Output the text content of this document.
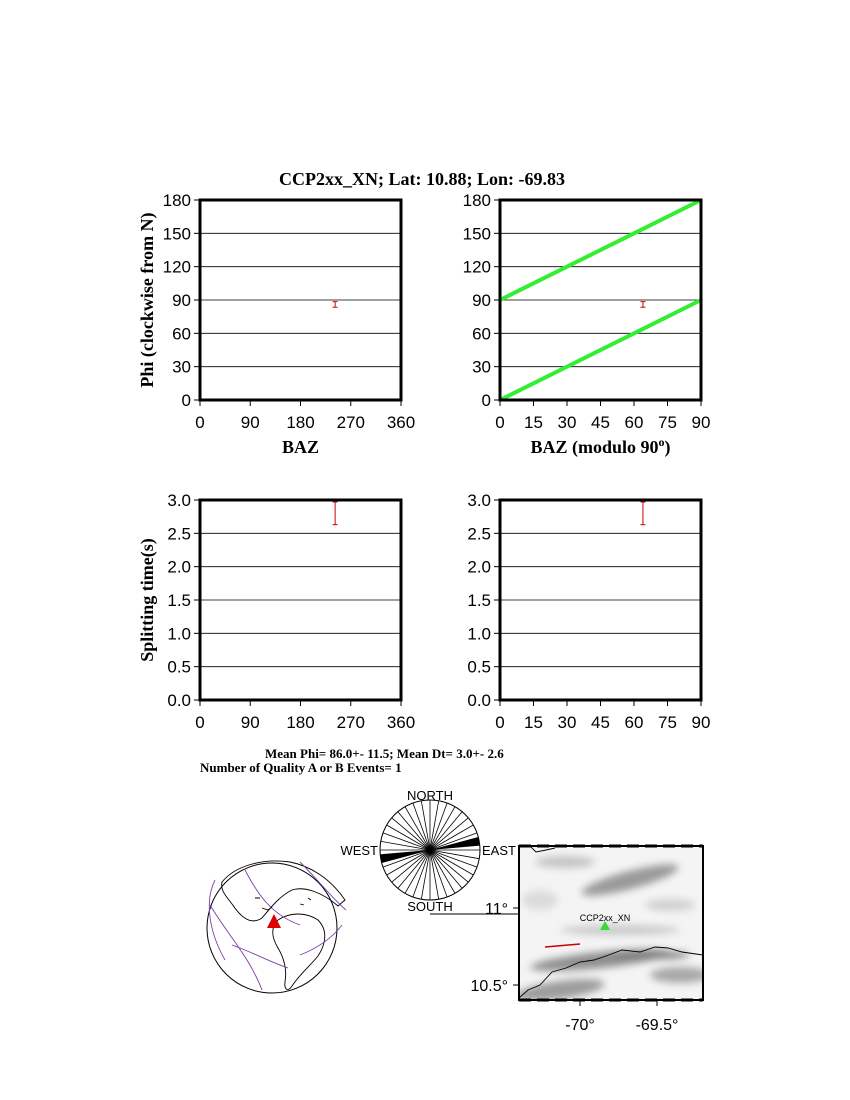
CCP2xx_XN; Lat: 10.88; Lon: -69.83
0
30
60
90
120
150
180
0 90 180 270 360
BAZ
Phi (clockwise from N)
0
30
60
90
120
150
180
0 15 30 45 60 75 90
BAZ (modulo 90$^o$)
0.0
0.5
1.0
1.5
2.0
2.5
3.0
0 90 180 270 360
Splitting time(s)
0.0
0.5
1.0
1.5
2.0
2.5
3.0
0 15 30 45 60 75 90
Mean Phi= 86.0+- 11.5; Mean Dt= 3.0+- 2.6
Number of Quality A or B Events= 1
NORTH
SOUTH
EAST
WEST
CCP2xx_XN
11°
10.5°
-70°	-69.5°
